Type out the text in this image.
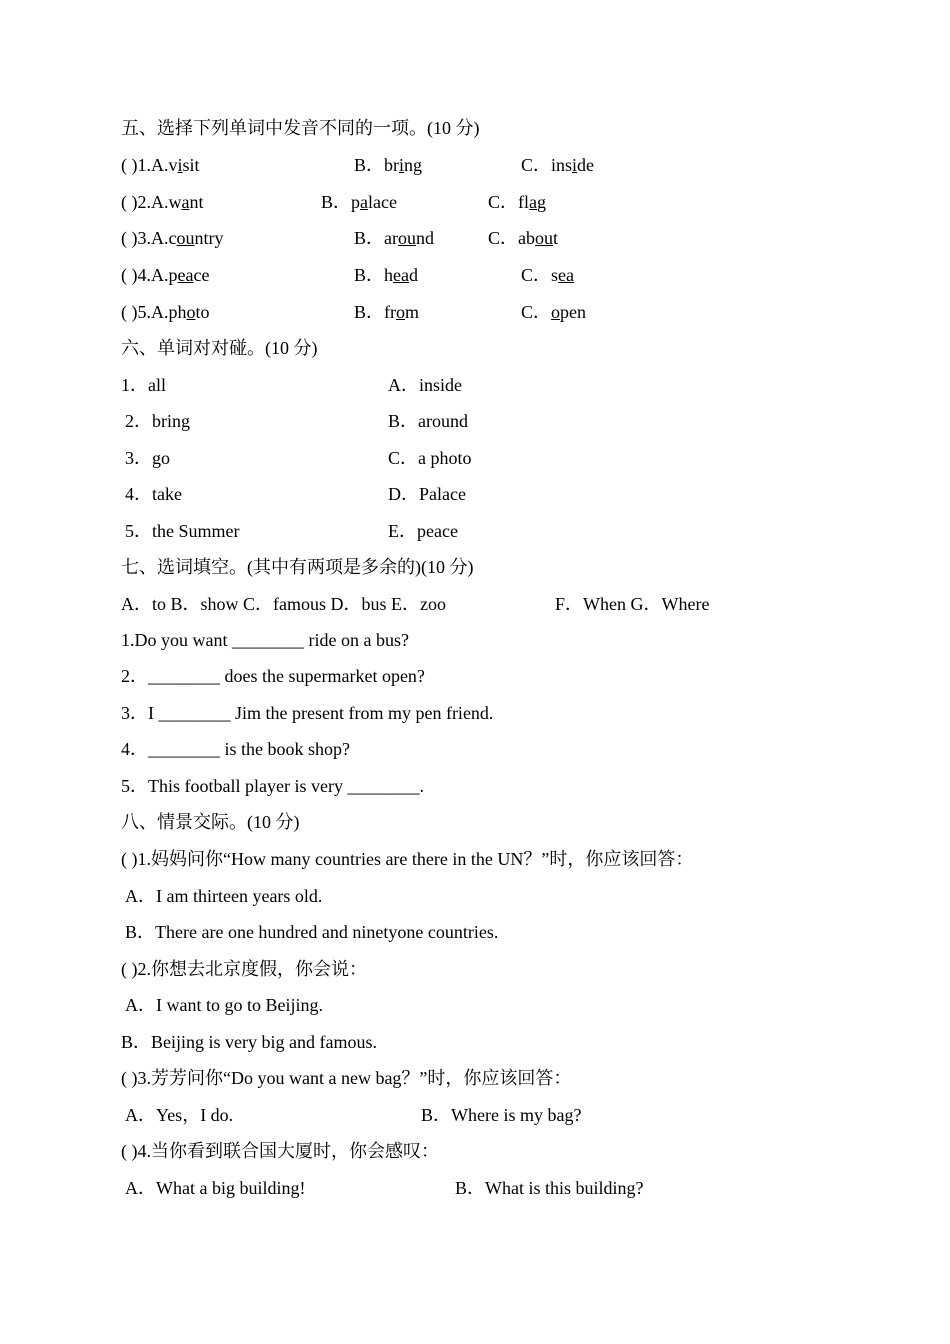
五、选择下列单词中发音不同的一项。(10 分)
( )1.A.visit	B．bring	C．inside
( )2.A.want	B．palace	C．flag
( )3.A.country	B．around	C．about
( )4.A.peace	B．head	C．sea
( )5.A.photo	B．from	C．open
六、单词对对碰。(10 分)
1．all	A．inside
2．bring	B．around
3．go	C．a photo
4．take	D．Palace
5．the Summer	E．peace
七、选词填空。(其中有两项是多余的)(10 分)
A．to B．show C．famous D．bus E．zoo	F．When G．Where
1.Do you want ________ ride on a bus?
2．________ does the supermarket open?
3．I ________ Jim the present from my pen friend.
4．________ is the book shop?
5．This football player is very ________.
八、情景交际。(10 分)
( )1.妈妈问你“How many countries are there in the UN？”时，你应该回答：
A．I am thirteen years old.
B．There are one hundred and ninetyone countries.
( )2.你想去北京度假，你会说：
A．I want to go to Beijing.
B．Beijing is very big and famous.
( )3.芳芳问你“Do you want a new bag？”时，你应该回答：
A．Yes，I do.	B．Where is my bag?
( )4.当你看到联合国大厦时，你会感叹：
A．What a big building!	B．What is this building?
